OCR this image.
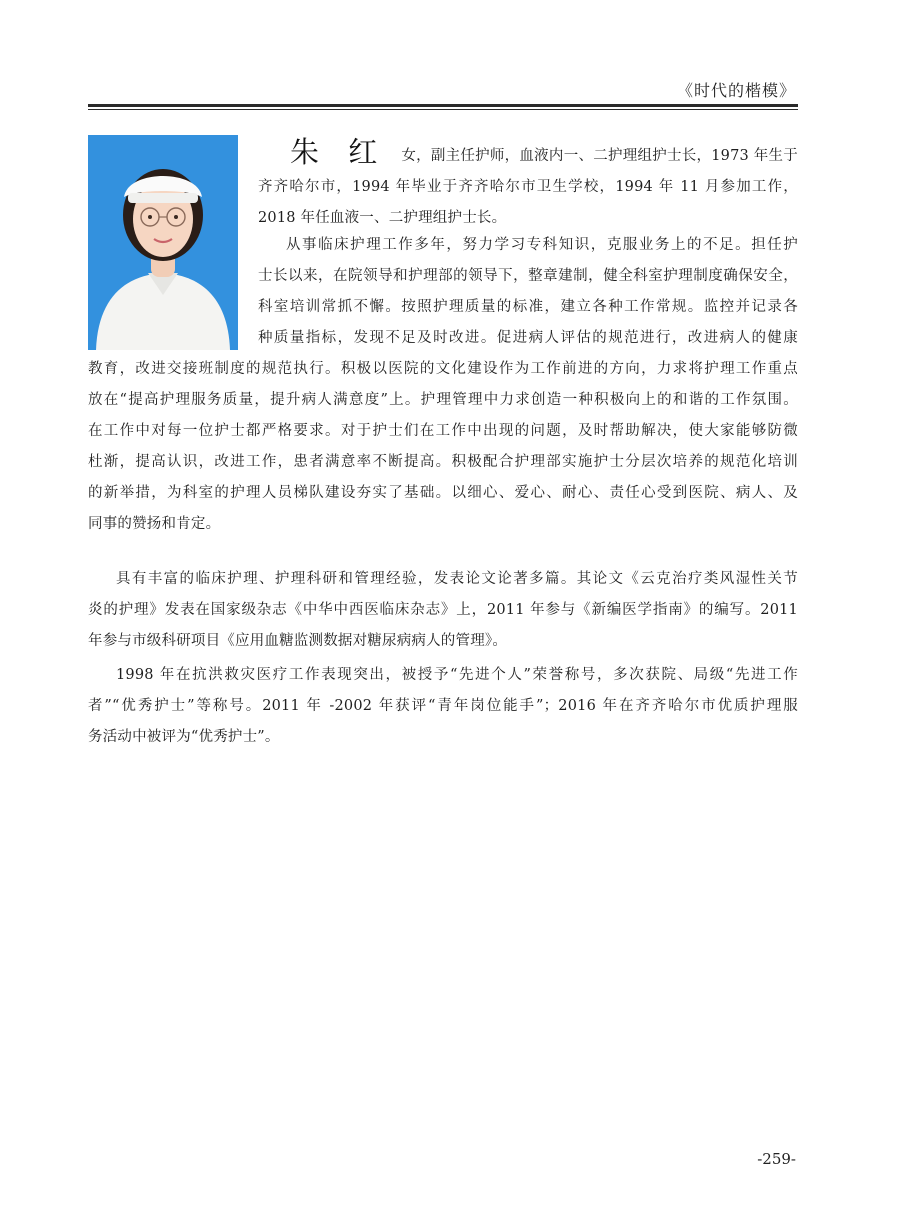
《时代的楷模》
朱 红 女，副主任护师，血液内一、二护理组护士长，1973 年生于
齐齐哈尔市，1994 年毕业于齐齐哈尔市卫生学校，1994 年 11 月参加工作，
2018 年任血液一、二护理组护士长。
从事临床护理工作多年，努力学习专科知识，克服业务上的不足。担任护
士长以来，在院领导和护理部的领导下，整章建制，健全科室护理制度确保安全，
科室培训常抓不懈。按照护理质量的标准，建立各种工作常规。监控并记录各
种质量指标，发现不足及时改进。促进病人评估的规范进行，改进病人的健康
教育，改进交接班制度的规范执行。积极以医院的文化建设作为工作前进的方向，力求将护理工作重点
放在“提高护理服务质量，提升病人满意度”上。护理管理中力求创造一种积极向上的和谐的工作氛围。
在工作中对每一位护士都严格要求。对于护士们在工作中出现的问题，及时帮助解决，使大家能够防微
杜渐，提高认识，改进工作，患者满意率不断提高。积极配合护理部实施护士分层次培养的规范化培训
的新举措，为科室的护理人员梯队建设夯实了基础。以细心、爱心、耐心、责任心受到医院、病人、及
同事的赞扬和肯定。
具有丰富的临床护理、护理科研和管理经验，发表论文论著多篇。其论文《云克治疗类风湿性关节
炎的护理》发表在国家级杂志《中华中西医临床杂志》上，2011 年参与《新编医学指南》的编写。2011
年参与市级科研项目《应用血糖监测数据对糖尿病病人的管理》。
1998 年在抗洪救灾医疗工作表现突出，被授予“先进个人”荣誉称号，多次获院、局级“先进工作
者”“优秀护士”等称号。2011 年 -2002 年获评“青年岗位能手”；2016 年在齐齐哈尔市优质护理服
务活动中被评为“优秀护士”。
-259-
